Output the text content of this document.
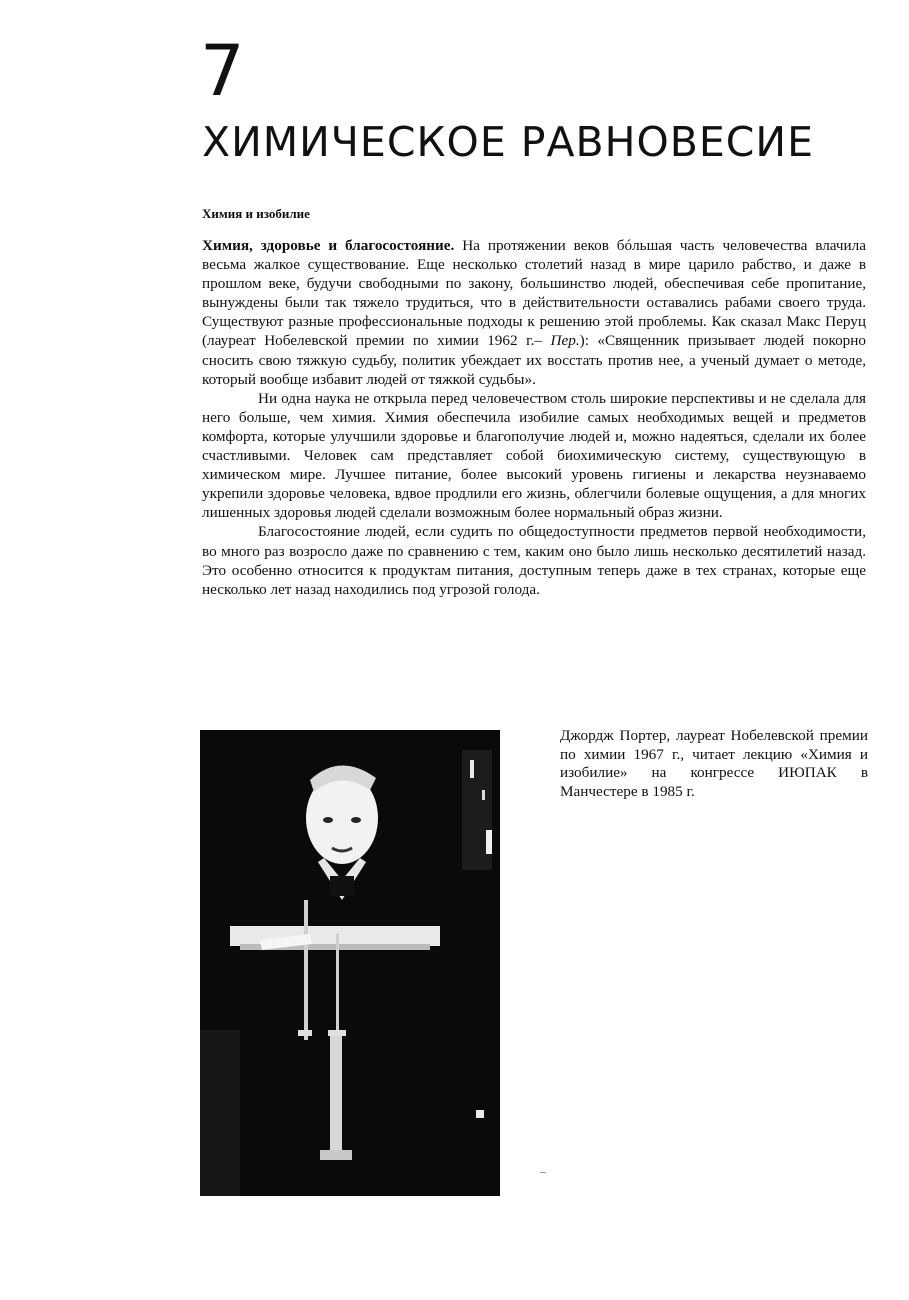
7
ХИМИЧЕСКОЕ РАВНОВЕСИЕ
Химия и изобилие

Химия, здоровье и благосостояние. На протяжении веков бóльшая часть человечества влачила весьма жалкое существование. Еще несколько столетий назад в мире царило рабство, и даже в прошлом веке, будучи свободными по закону, большинство людей, обеспечивая себе пропитание, вынуждены были так тяжело трудиться, что в действительности оставались рабами своего труда. Существуют разные профессиональные подходы к решению этой проблемы. Как сказал Макс Перуц (лауреат Нобелевской премии по химии 1962 г.– Пер.): «Священник призывает людей покорно сносить свою тяжкую судьбу, политик убеждает их восстать против нее, а ученый думает о методе, который вообще избавит людей от тяжкой судьбы».

Ни одна наука не открыла перед человечеством столь широкие перспективы и не сделала для него больше, чем химия. Химия обеспечила изобилие самых необходимых вещей и предметов комфорта, которые улучшили здоровье и благополучие людей и, можно надеяться, сделали их более счастливыми. Человек сам представляет собой биохимическую систему, существующую в химическом мире. Лучшее питание, более высокий уровень гигиены и лекарства неузнаваемо укрепили здоровье человека, вдвое продлили его жизнь, облегчили болевые ощущения, а для многих лишенных здоровья людей сделали возможным более нормальный образ жизни.

Благосостояние людей, если судить по общедоступности предметов первой необходимости, во много раз возросло даже по сравнению с тем, каким оно было лишь несколько десятилетий назад. Это особенно относится к продуктам питания, доступным теперь даже в тех странах, которые еще несколько лет назад находились под угрозой голода.

Джордж Портер, лауреат Нобелевской премии по химии 1967 г., читает лекцию «Химия и изобилие» на конгрессе ИЮПАК в Манчестере в 1985 г.
